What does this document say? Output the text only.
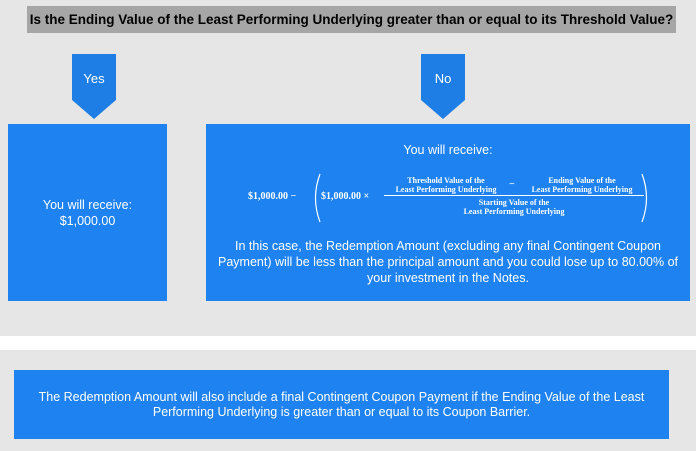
Is the Ending Value of the Least Performing Underlying greater than or equal to its Threshold Value?
Yes	No
You will receive:
$1,000.00
You will receive:
$1,000.00 − $1,000.00 ×
Threshold Value of the
Least Performing Underlying	−	Ending Value of the
Least Performing Underlying
Starting Value of the
Least Performing Underlying
In this case, the Redemption Amount (excluding any final Contingent Coupon Payment) will be less than the principal amount and you could lose up to 80.00% of your investment in the Notes.
The Redemption Amount will also include a final Contingent Coupon Payment if the Ending Value of the Least Performing Underlying is greater than or equal to its Coupon Barrier.
